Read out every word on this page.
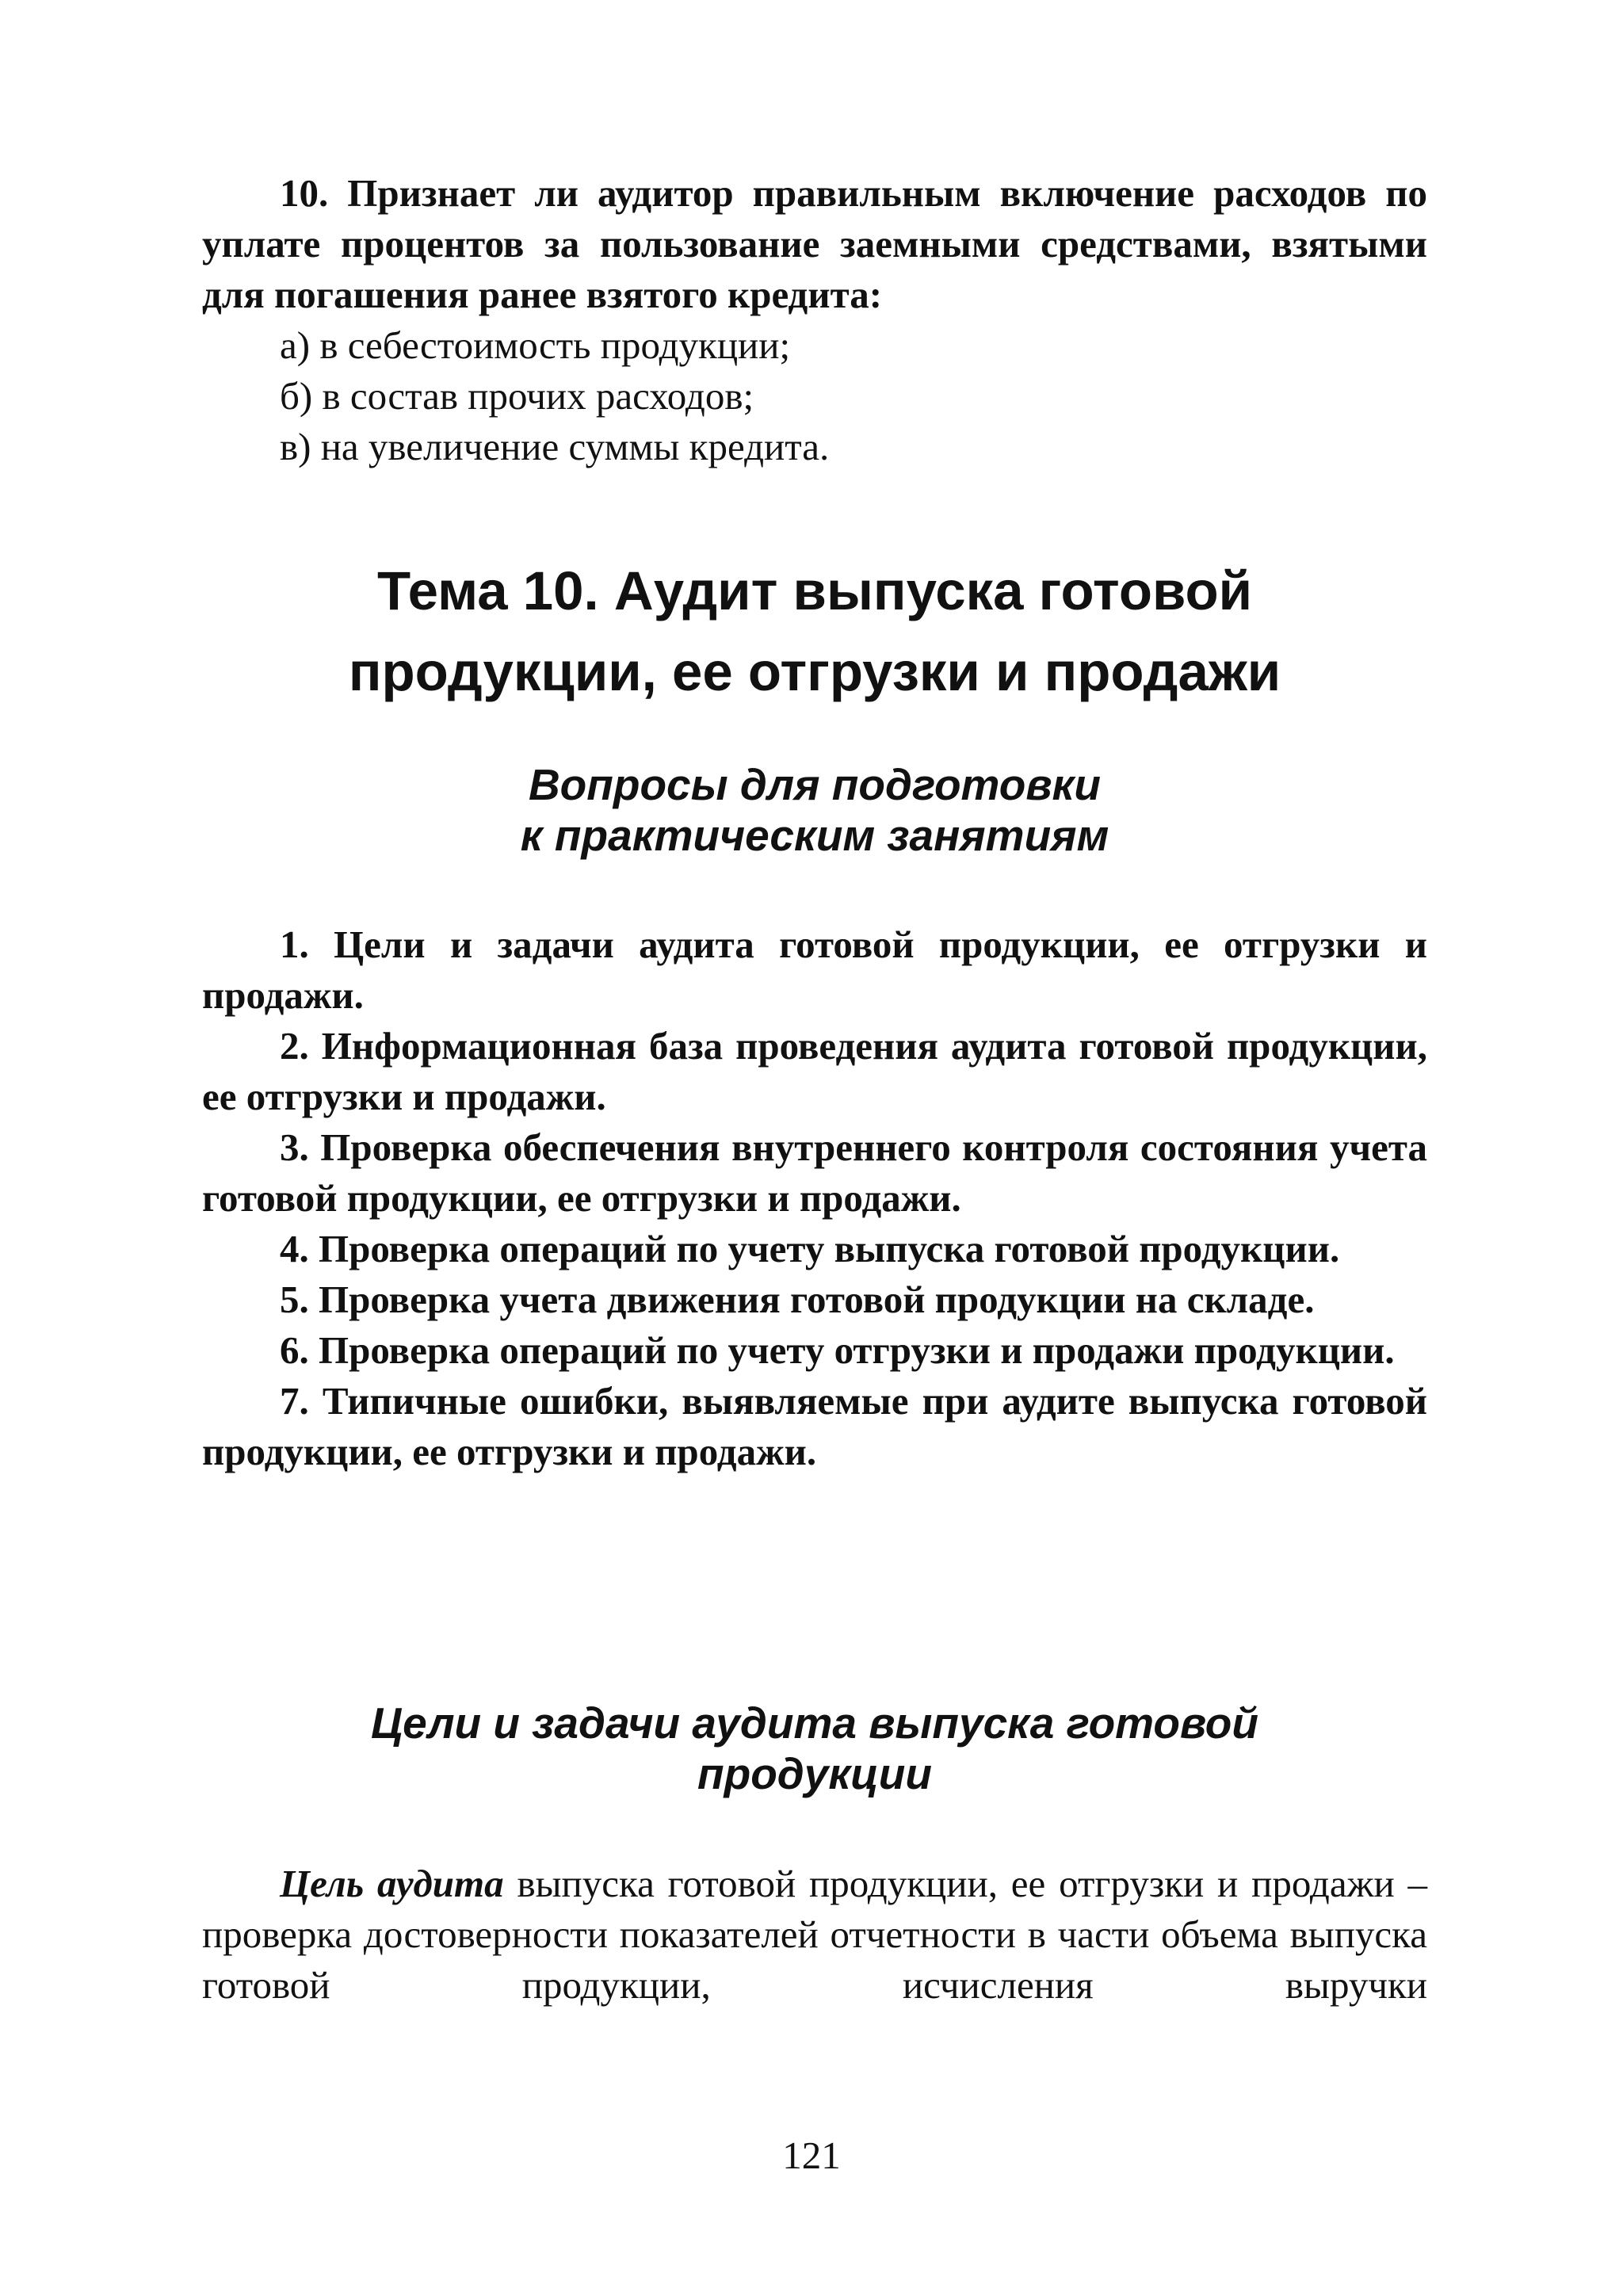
10. Признает ли аудитор правильным включение расходов по уплате процентов за пользование заемными средствами, взятыми для погашения ранее взятого кредита:

а) в себестоимость продукции;

б) в состав прочих расходов;

в) на увеличение суммы кредита.

Тема 10. Аудит выпуска готовой
продукции, ее отгрузки и продажи
Вопросы для подготовки
к практическим занятиям

1. Цели и задачи аудита готовой продукции, ее отгрузки и продажи.

2. Информационная база проведения аудита готовой продукции, ее отгрузки и продажи.

3. Проверка обеспечения внутреннего контроля состояния учета готовой продукции, ее отгрузки и продажи.

4. Проверка операций по учету выпуска готовой продукции.

5. Проверка учета движения готовой продукции на складе.

6. Проверка операций по учету отгрузки и продажи продукции.

7. Типичные ошибки, выявляемые при аудите выпуска готовой продукции, ее отгрузки и продажи.

Цели и задачи аудита выпуска готовой
продукции

Цель аудита выпуска готовой продукции, ее отгрузки и продажи – проверка достоверности показателей отчетности в части объема выпуска готовой продукции, исчисления выручки

121
